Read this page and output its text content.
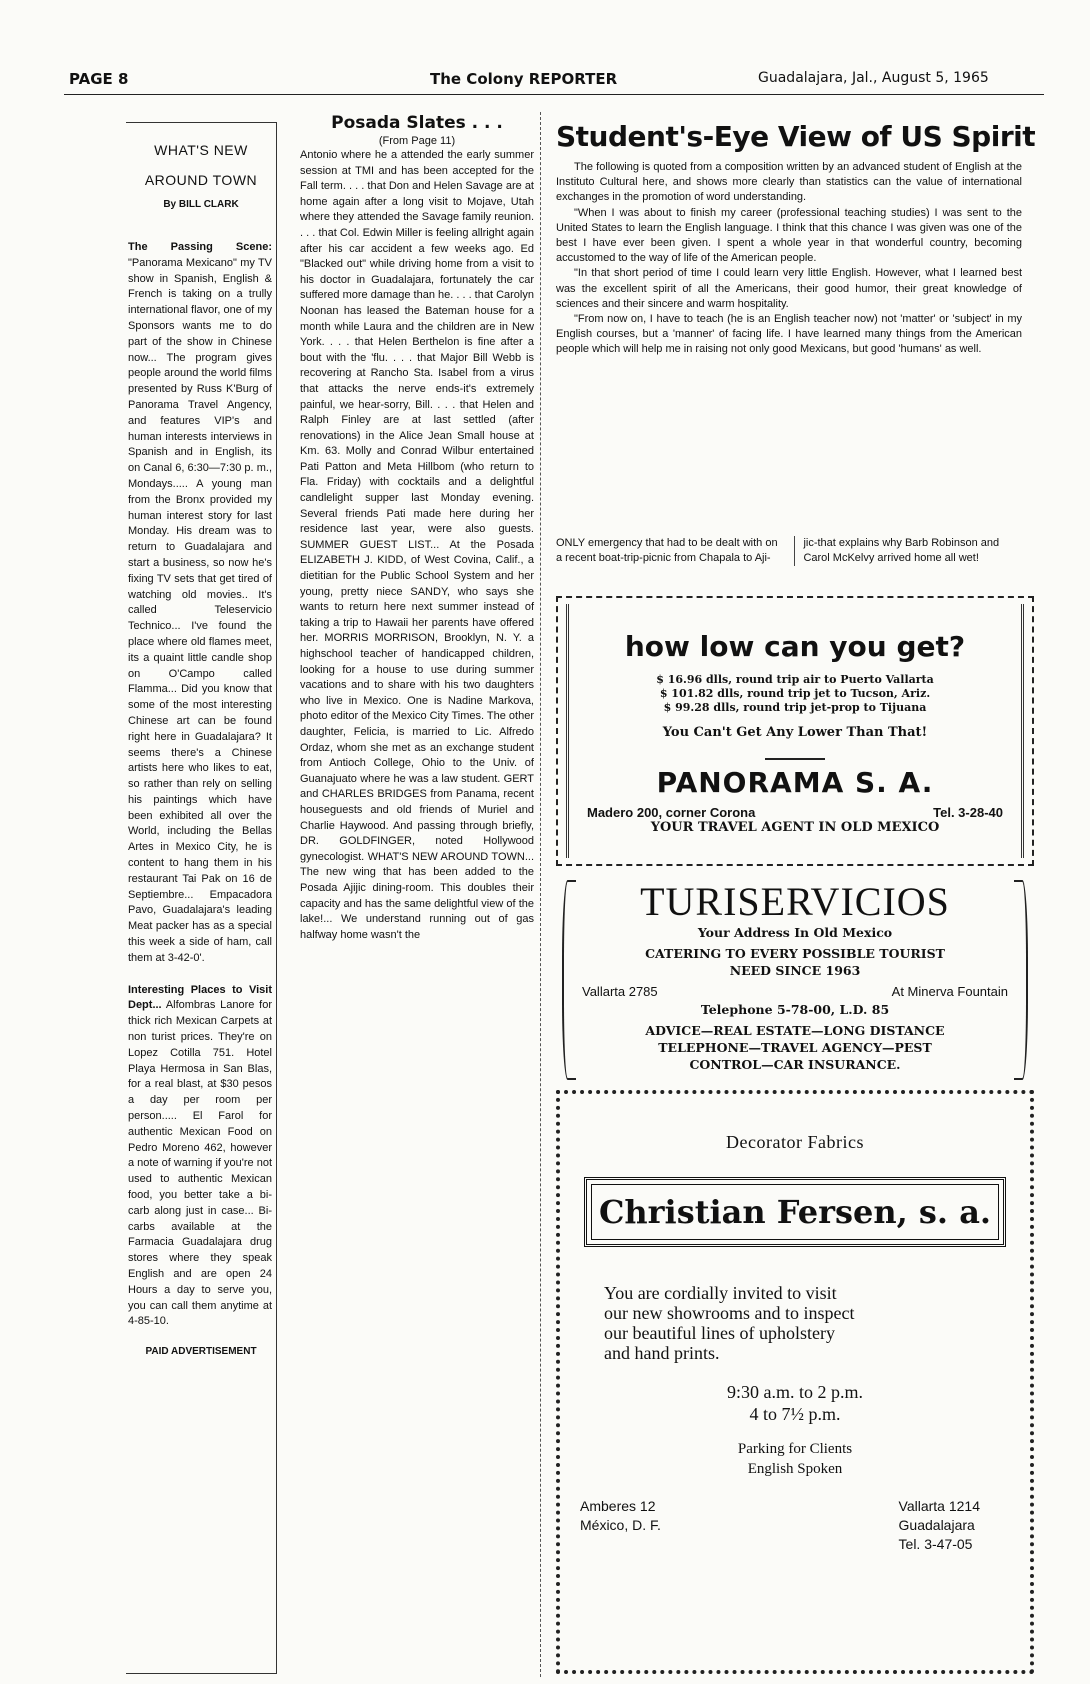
PAGE 8	The Colony REPORTER	Guadalajara, Jal., August 5, 1965
WHAT'S NEW
AROUND TOWN
By BILL CLARK
The Passing Scene: "Panorama Mexicano" my TV show in Spanish, English & French is taking on a trully international flavor, one of my Sponsors wants me to do part of the show in Chinese now... The program gives people around the world films presented by Russ K'Burg of Panorama Travel Angency, and features VIP's and human interests interviews in Spanish and in English, its on Canal 6, 6:30—7:30 p. m., Mondays..... A young man from the Bronx provided my human interest story for last Monday. His dream was to return to Guadalajara and start a business, so now he's fixing TV sets that get tired of watching old movies.. It's called Teleservicio Technico... I've found the place where old flames meet, its a quaint little candle shop on O'Campo called Flamma... Did you know that some of the most interesting Chinese art can be found right here in Guadalajara? It seems there's a Chinese artists here who likes to eat, so rather than rely on selling his paintings which have been exhibited all over the World, including the Bellas Artes in Mexico City, he is content to hang them in his restaurant Tai Pak on 16 de Septiembre... Empacadora Pavo, Guadalajara's leading Meat packer has as a special this week a side of ham, call them at 3-42-0'.
Interesting Places to Visit Dept... Alfombras Lanore for thick rich Mexican Carpets at non turist prices. They're on Lopez Cotilla 751. Hotel Playa Hermosa in San Blas, for a real blast, at $30 pesos a day per room per person..... El Farol for authentic Mexican Food on Pedro Moreno 462, however a note of warning if you're not used to authentic Mexican food, you better take a bi-carb along just in case... Bi-carbs available at the Farmacia Guadalajara drug stores where they speak English and are open 24 Hours a day to serve you, you can call them anytime at 4-85-10.
PAID ADVERTISEMENT
Posada Slates . . .
(From Page 11)
Antonio where he a attended the early summer session at TMI and has been accepted for the Fall term. . . . that Don and Helen Savage are at home again after a long visit to Mojave, Utah where they attended the Savage family reunion. . . . that Col. Edwin Miller is feeling allright again after his car accident a few weeks ago. Ed "Blacked out" while driving home from a visit to his doctor in Guadalajara, fortunately the car suffered more damage than he. . . . that Carolyn Noonan has leased the Bateman house for a month while Laura and the children are in New York. . . . that Helen Berthelon is fine after a bout with the 'flu. . . . that Major Bill Webb is recovering at Rancho Sta. Isabel from a virus that attacks the nerve ends-it's extremely painful, we hear-sorry, Bill. . . . that Helen and Ralph Finley are at last settled (after renovations) in the Alice Jean Small house at Km. 63. Molly and Conrad Wilbur entertained Pati Patton and Meta Hillbom (who return to Fla. Friday) with cocktails and a delightful candlelight supper last Monday evening. Several friends Pati made here during her residence last year, were also guests. SUMMER GUEST LIST... At the Posada ELIZABETH J. KIDD, of West Covina, Calif., a dietitian for the Public School System and her young, pretty niece SANDY, who says she wants to return here next summer instead of taking a trip to Hawaii her parents have offered her. MORRIS MORRISON, Brooklyn, N. Y. a highschool teacher of handicapped children, looking for a house to use during summer vacations and to share with his two daughters who live in Mexico. One is Nadine Markova, photo editor of the Mexico City Times. The other daughter, Felicia, is married to Lic. Alfredo Ordaz, whom she met as an exchange student from Antioch College, Ohio to the Univ. of Guanajuato where he was a law student. GERT and CHARLES BRIDGES from Panama, recent houseguests and old friends of Muriel and Charlie Haywood. And passing through briefly, DR. GOLDFINGER, noted Hollywood gynecologist. WHAT'S NEW AROUND TOWN... The new wing that has been added to the Posada Ajijic dining-room. This doubles their capacity and has the same delightful view of the lake!... We understand running out of gas halfway home wasn't the
Student's-Eye View of US Spirit
The following is quoted from a composition written by an advanced student of English at the Instituto Cultural here, and shows more clearly than statistics can the value of international exchanges in the promotion of word understanding.
"When I was about to finish my career (professional teaching studies) I was sent to the United States to learn the English language. I think that this chance I was given was one of the best I have ever been given. I spent a whole year in that wonderful country, becoming accustomed to the way of life of the American people.
"In that short period of time I could learn very little English. However, what I learned best was the excellent spirit of all the Americans, their good humor, their great knowledge of sciences and their sincere and warm hospitality.
"From now on, I have to teach (he is an English teacher now) not 'matter' or 'subject' in my English courses, but a 'manner' of facing life. I have learned many things from the American people which will help me in raising not only good Mexicans, but good 'humans' as well.
ONLY emergency that had to be dealt with on a recent boat-trip-picnic from Chapala to Aji-
jic-that explains why Barb Robinson and Carol McKelvy arrived home all wet!
how low can you get?
$ 16.96 dlls, round trip air to Puerto Vallarta
$ 101.82 dlls, round trip jet to Tucson, Ariz.
$ 99.28 dlls, round trip jet-prop to Tijuana
You Can't Get Any Lower Than That!
PANORAMA S. A.
Madero 200, corner Corona	Tel. 3-28-40
YOUR TRAVEL AGENT IN OLD MEXICO
TURISERVICIOS
Your Address In Old Mexico
CATERING TO EVERY POSSIBLE TOURIST
NEED SINCE 1963
Vallarta 2785	At Minerva Fountain
Telephone 5-78-00, L.D. 85
ADVICE—REAL ESTATE—LONG DISTANCE
TELEPHONE—TRAVEL AGENCY—PEST
CONTROL—CAR INSURANCE.
Decorator Fabrics
Christian Fersen, s. a.
You are cordially invited to visit our new showrooms and to inspect our beautiful lines of upholstery and hand prints.
9:30 a.m. to 2 p.m.
4 to 7½ p.m.
Parking for Clients
English Spoken
Amberes 12
México, D. F.
Vallarta 1214
Guadalajara
Tel. 3-47-05
